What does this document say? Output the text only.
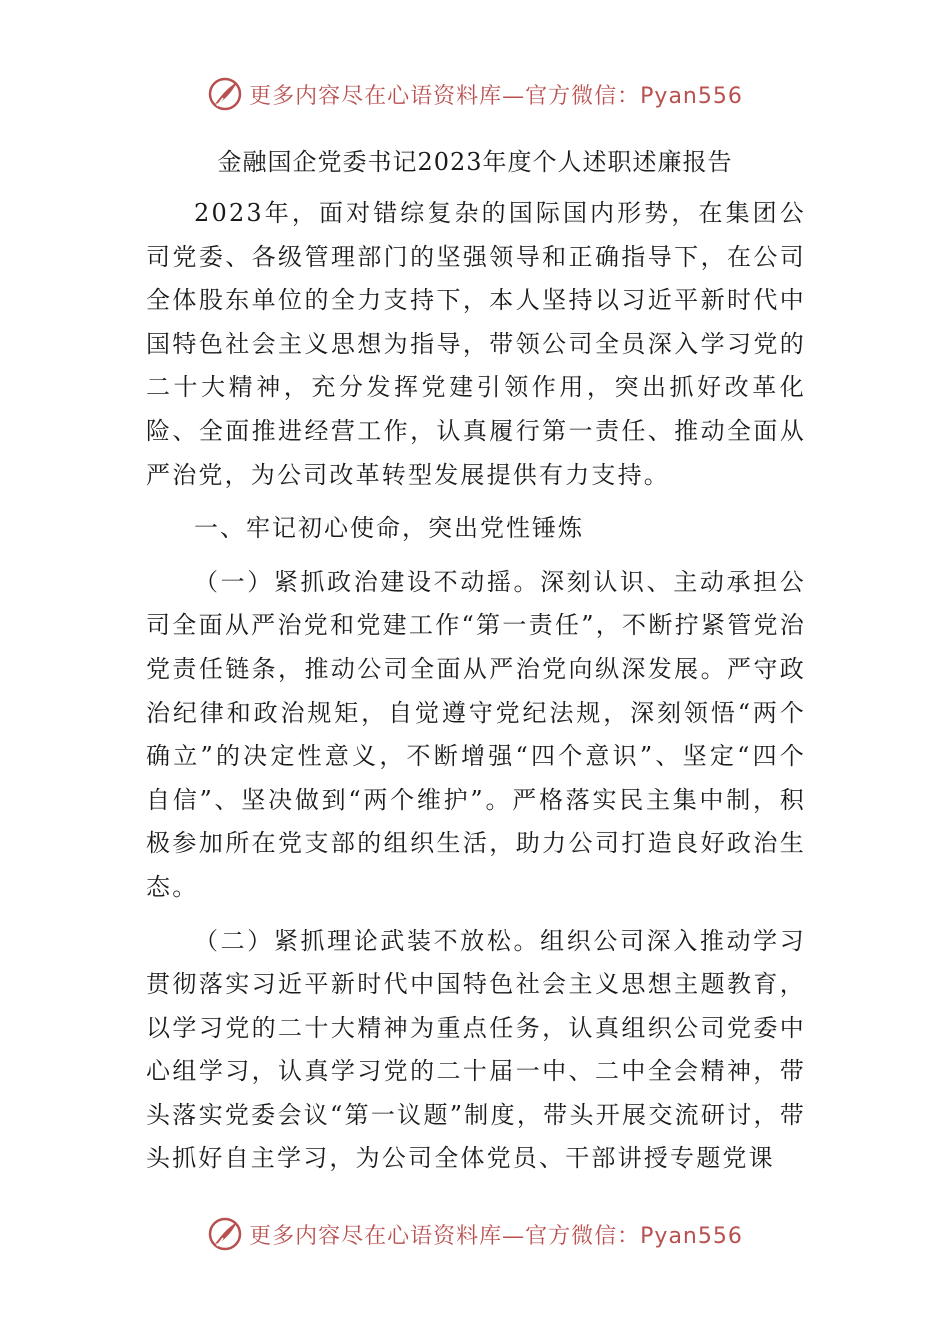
更多内容尽在心语资料库—官方微信：Pyan556
金融国企党委书记2023年度个人述职述廉报告

2023年，面对错综复杂的国际国内形势，在集团公司党委、各级管理部门的坚强领导和正确指导下，在公司全体股东单位的全力支持下，本人坚持以习近平新时代中国特色社会主义思想为指导，带领公司全员深入学习党的二十大精神，充分发挥党建引领作用，突出抓好改革化险、全面推进经营工作，认真履行第一责任、推动全面从严治党，为公司改革转型发展提供有力支持。

一、牢记初心使命，突出党性锤炼

（一）紧抓政治建设不动摇。深刻认识、主动承担公司全面从严治党和党建工作“第一责任”，不断拧紧管党治党责任链条，推动公司全面从严治党向纵深发展。严守政治纪律和政治规矩，自觉遵守党纪法规，深刻领悟“两个确立”的决定性意义，不断增强“四个意识”、坚定“四个自信”、坚决做到“两个维护”。严格落实民主集中制，积极参加所在党支部的组织生活，助力公司打造良好政治生态。

（二）紧抓理论武装不放松。组织公司深入推动学习贯彻落实习近平新时代中国特色社会主义思想主题教育，以学习党的二十大精神为重点任务，认真组织公司党委中心组学习，认真学习党的二十届一中、二中全会精神，带头落实党委会议“第一议题”制度，带头开展交流研讨，带头抓好自主学习，为公司全体党员、干部讲授专题党课

更多内容尽在心语资料库—官方微信：Pyan556
